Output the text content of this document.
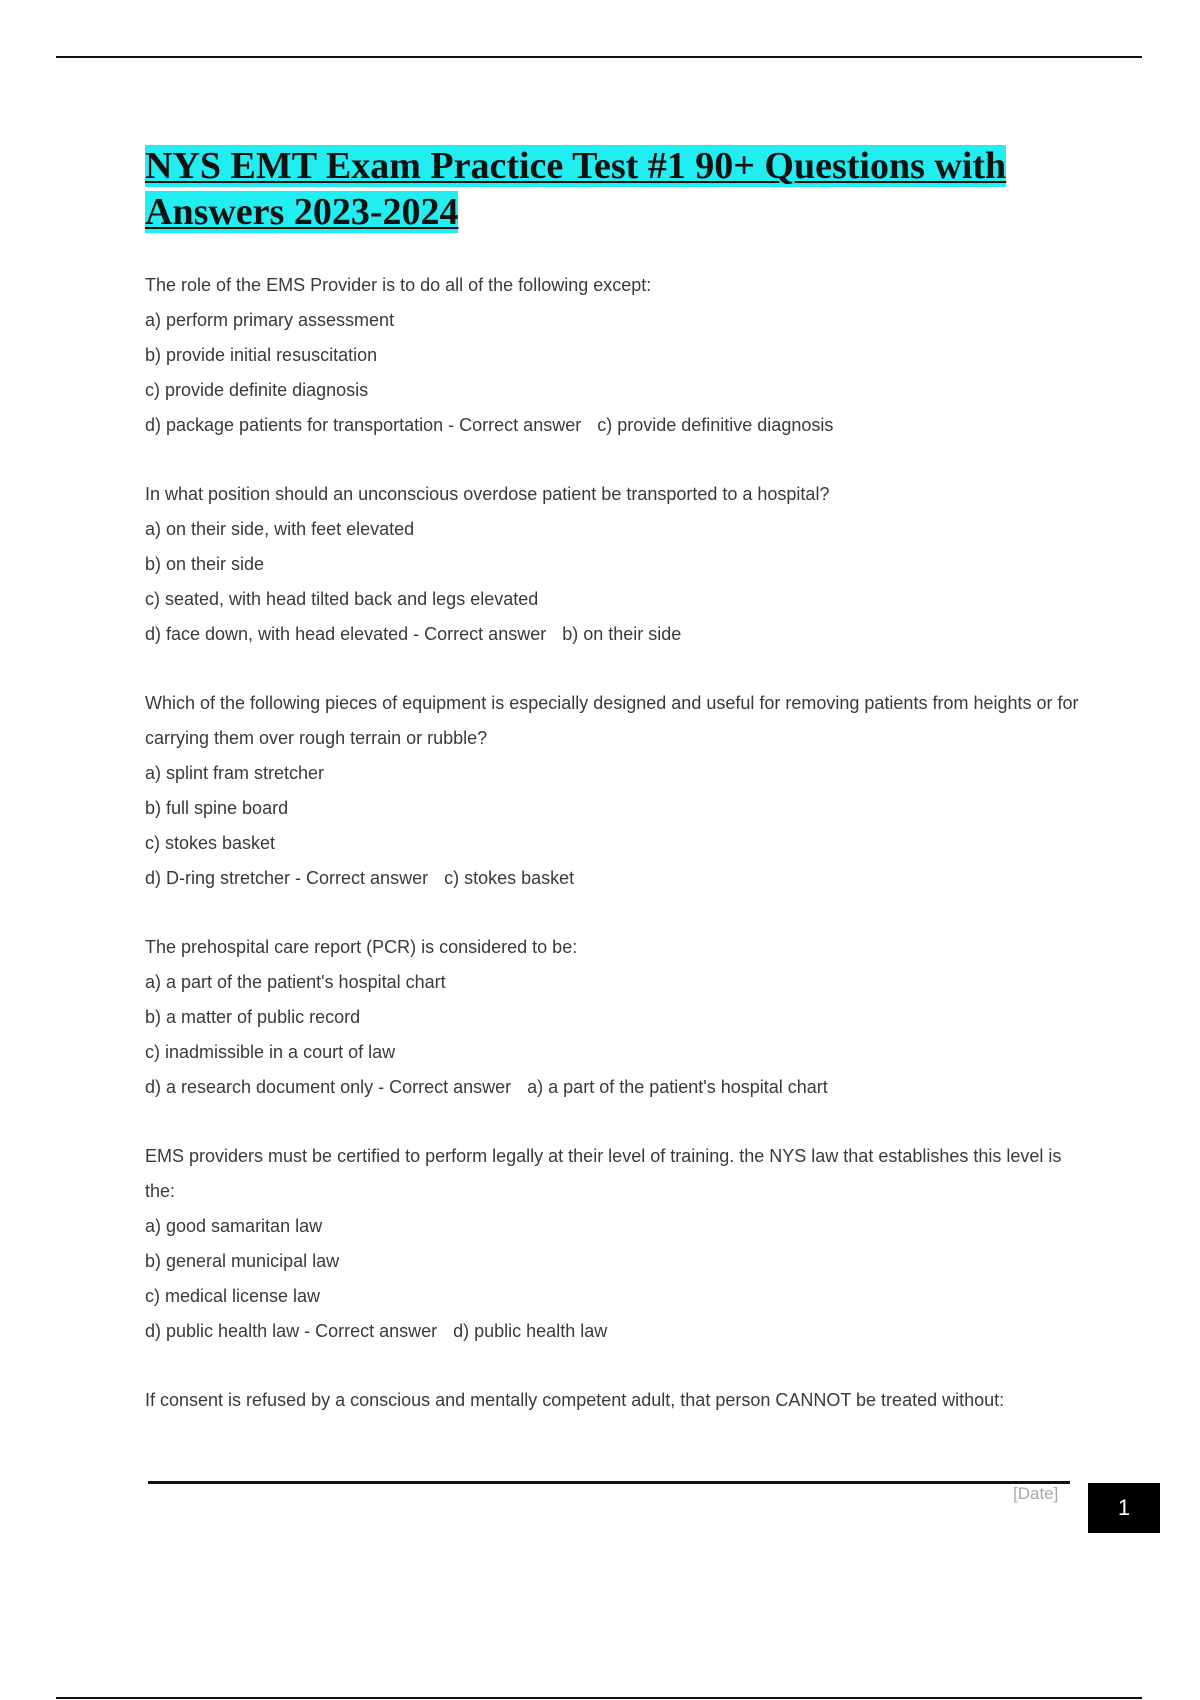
NYS EMT Exam Practice Test #1 90+ Questions with
Answers 2023-2024

The role of the EMS Provider is to do all of the following except:

a) perform primary assessment

b) provide initial resuscitation

c) provide definite diagnosis

d) package patients for transportation - Correct answer c) provide definitive diagnosis

In what position should an unconscious overdose patient be transported to a hospital?

a) on their side, with feet elevated

b) on their side

c) seated, with head tilted back and legs elevated

d) face down, with head elevated - Correct answer b) on their side

Which of the following pieces of equipment is especially designed and useful for removing patients from heights or for carrying them over rough terrain or rubble?

a) splint fram stretcher

b) full spine board

c) stokes basket

d) D-ring stretcher - Correct answer c) stokes basket

The prehospital care report (PCR) is considered to be:

a) a part of the patient's hospital chart

b) a matter of public record

c) inadmissible in a court of law

d) a research document only - Correct answer a) a part of the patient's hospital chart

EMS providers must be certified to perform legally at their level of training. the NYS law that establishes this level is the:

a) good samaritan law

b) general municipal law

c) medical license law

d) public health law - Correct answer d) public health law

If consent is refused by a conscious and mentally competent adult, that person CANNOT be treated without:

[Date]
1
